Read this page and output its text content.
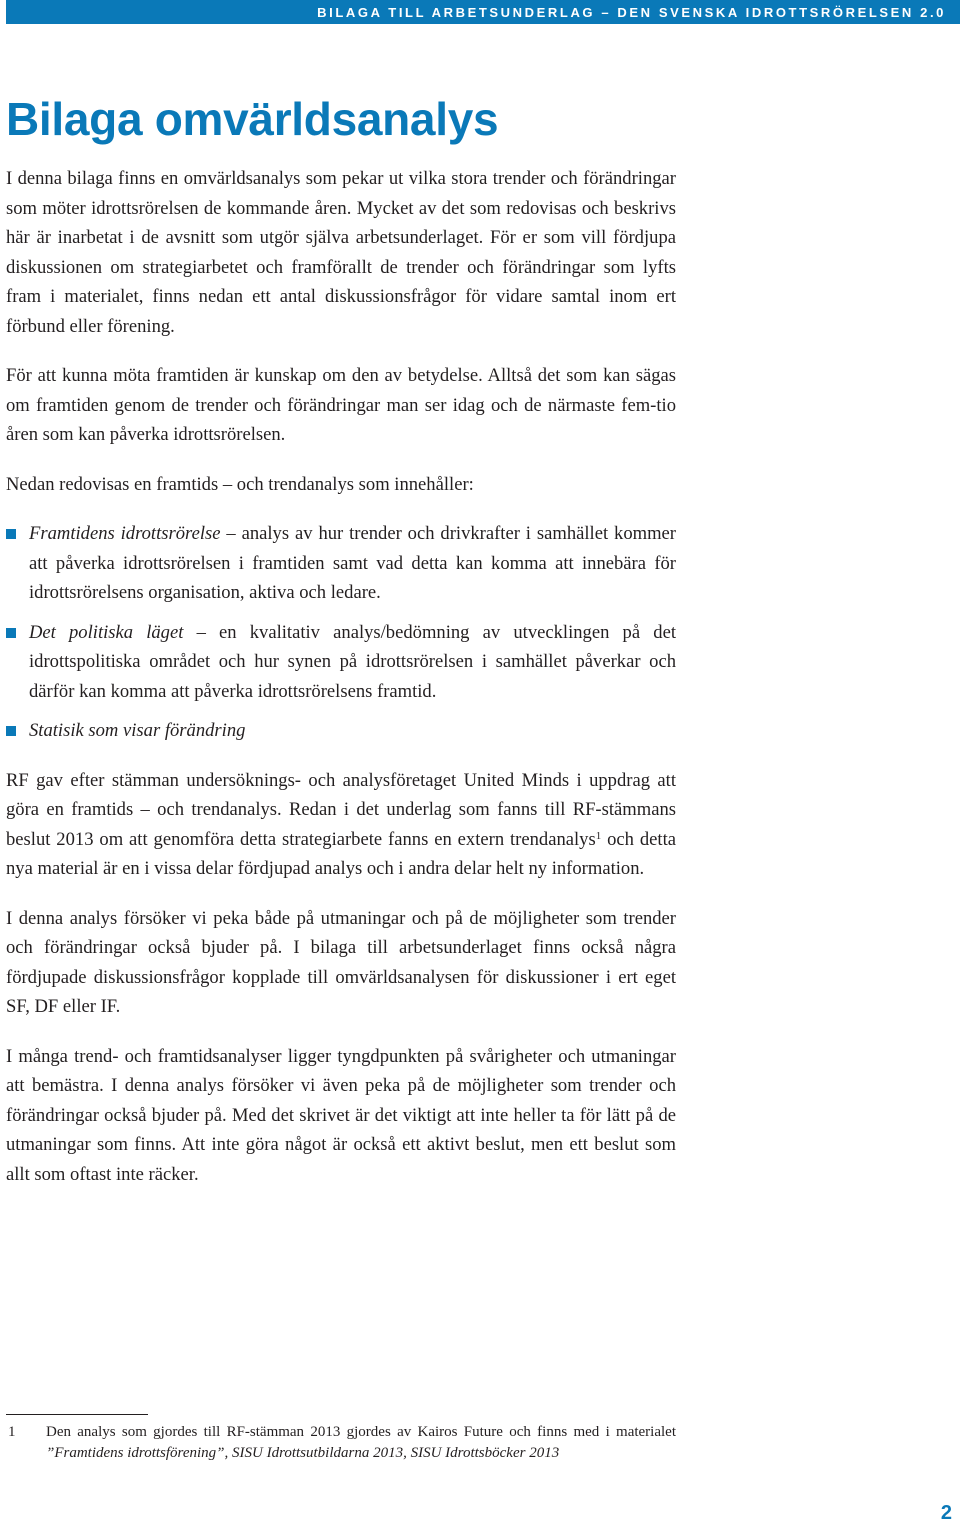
BILAGA TILL ARBETSUNDERLAG – DEN SVENSKA IDROTTSRÖRELSEN 2.0
Bilaga omvärldsanalys

I denna bilaga finns en omvärldsanalys som pekar ut vilka stora trender och förändringar som möter idrottsrörelsen de kommande åren. Mycket av det som redovisas och beskrivs här är inarbetat i de avsnitt som utgör själva arbetsunderlaget. För er som vill fördjupa diskussionen om strategiarbetet och framförallt de trender och förändringar som lyfts fram i materialet, finns nedan ett antal diskussionsfrågor för vidare samtal inom ert förbund eller förening.

För att kunna möta framtiden är kunskap om den av betydelse. Alltså det som kan sägas om framtiden genom de trender och förändringar man ser idag och de närmaste fem-tio åren som kan påverka idrottsrörelsen.

Nedan redovisas en framtids – och trendanalys som innehåller:

Framtidens idrottsrörelse – analys av hur trender och drivkrafter i samhället kommer att påverka idrottsrörelsen i framtiden samt vad detta kan komma att innebära för idrottsrörelsens organisation, aktiva och ledare.
Det politiska läget – en kvalitativ analys/bedömning av utvecklingen på det idrottspolitiska området och hur synen på idrottsrörelsen i samhället påverkar och därför kan komma att påverka idrottsrörelsens framtid.
Statisik som visar förändring

RF gav efter stämman undersöknings- och analysföretaget United Minds i uppdrag att göra en framtids – och trendanalys. Redan i det underlag som fanns till RF-stämmans beslut 2013 om att genomföra detta strategiarbete fanns en extern trendanalys$^1$ och detta nya material är en i vissa delar fördjupad analys och i andra delar helt ny information.

I denna analys försöker vi peka både på utmaningar och på de möjligheter som trender och förändringar också bjuder på. I bilaga till arbetsunderlaget finns också några fördjupade diskussionsfrågor kopplade till omvärldsanalysen för diskussioner i ert eget SF, DF eller IF.

I många trend- och framtidsanalyser ligger tyngdpunkten på svårigheter och utmaningar att bemästra. I denna analys försöker vi även peka på de möjligheter som trender och förändringar också bjuder på. Med det skrivet är det viktigt att inte heller ta för lätt på de utmaningar som finns. Att inte göra något är också ett aktivt beslut, men ett beslut som allt som oftast inte räcker.

1 Den analys som gjordes till RF-stämman 2013 gjordes av Kairos Future och finns med i materialet ”Framtidens idrottsförening”, SISU Idrottsutbildarna 2013, SISU Idrottsböcker 2013
2
